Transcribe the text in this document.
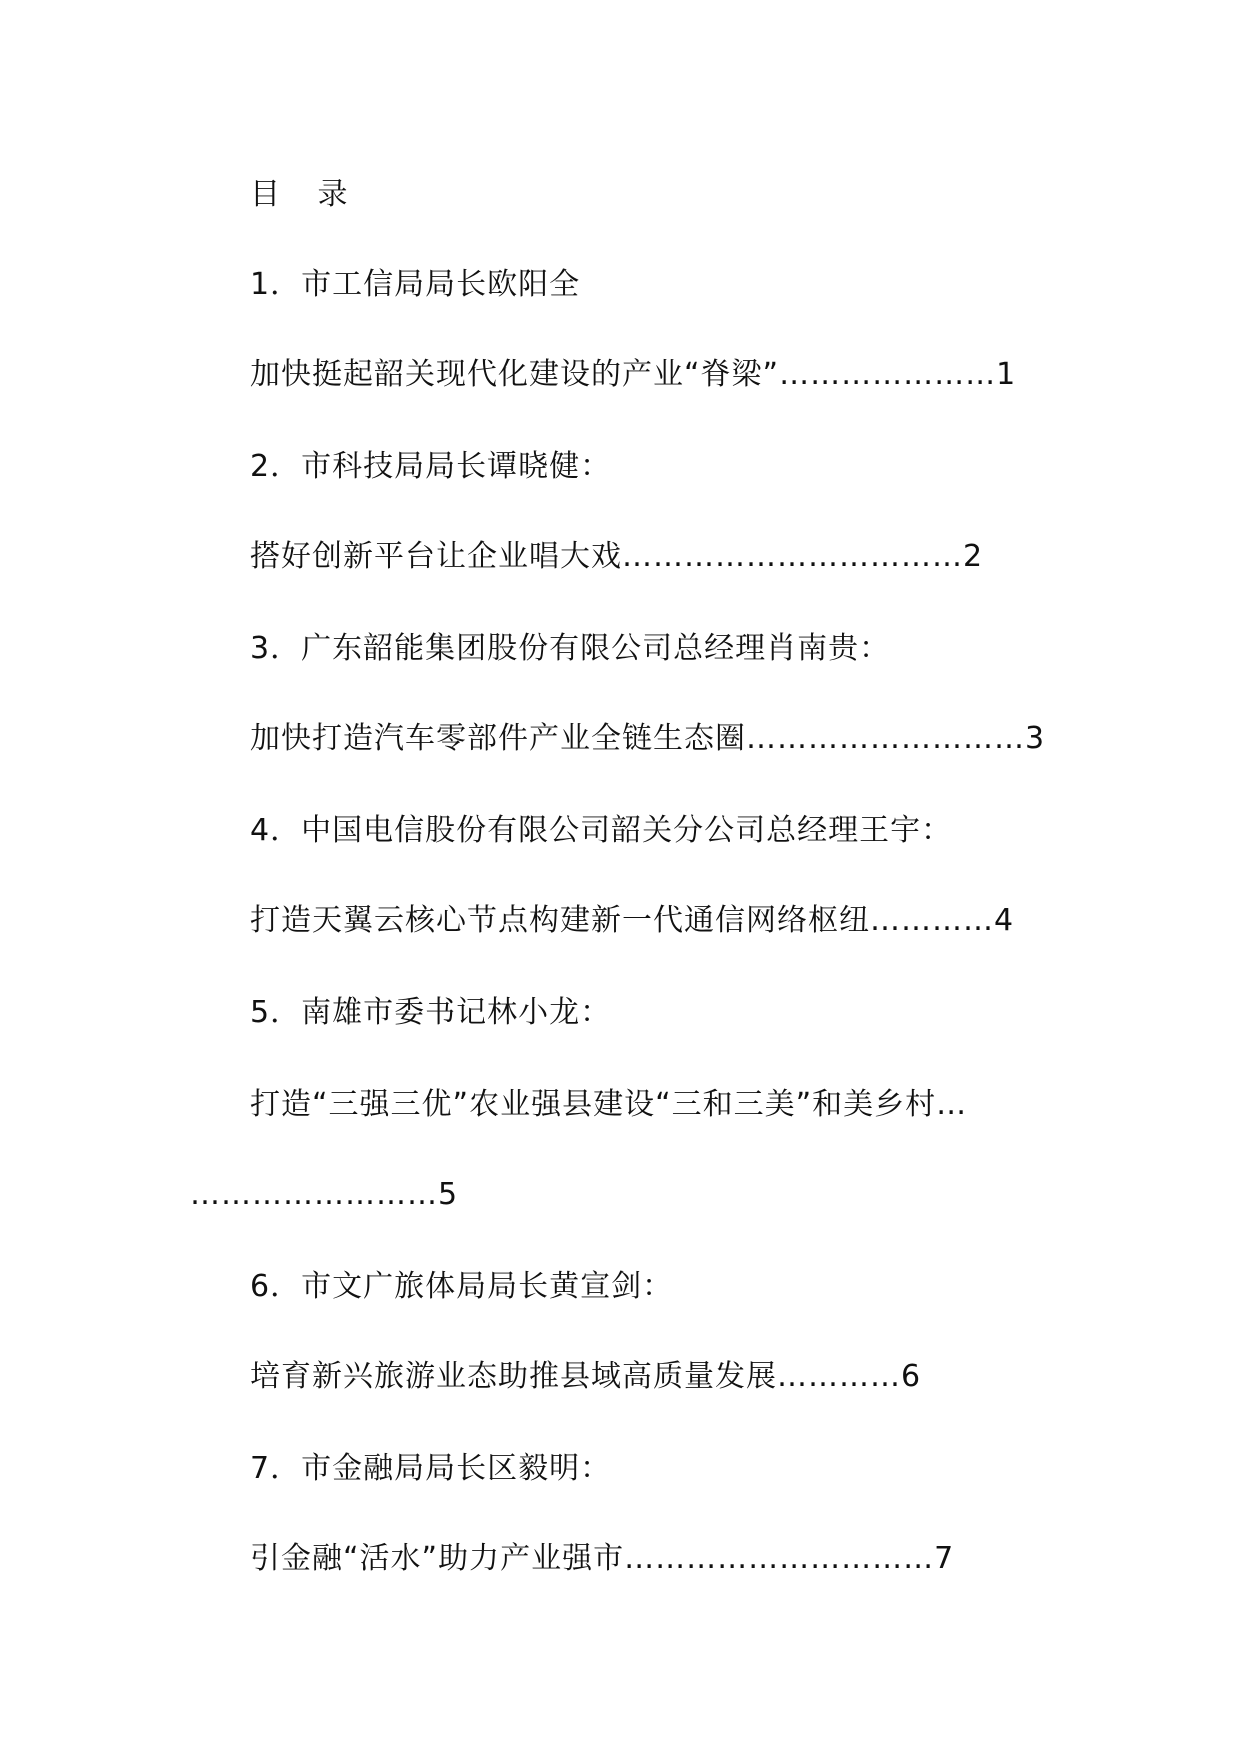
目 录
1．市工信局局长欧阳全
加快挺起韶关现代化建设的产业“脊梁”…………………1
2．市科技局局长谭晓健：
搭好创新平台让企业唱大戏……………………………2
3．广东韶能集团股份有限公司总经理肖南贵：
加快打造汽车零部件产业全链生态圈………………………3
4．中国电信股份有限公司韶关分公司总经理王宇：
打造天翼云核心节点构建新一代通信网络枢纽…………4
5．南雄市委书记林小龙：
打造“三强三优”农业强县建设“三和三美”和美乡村…
……………………5
6．市文广旅体局局长黄宣剑：
培育新兴旅游业态助推县域高质量发展…………6
7．市金融局局长区毅明：
引金融“活水”助力产业强市…………………………7
